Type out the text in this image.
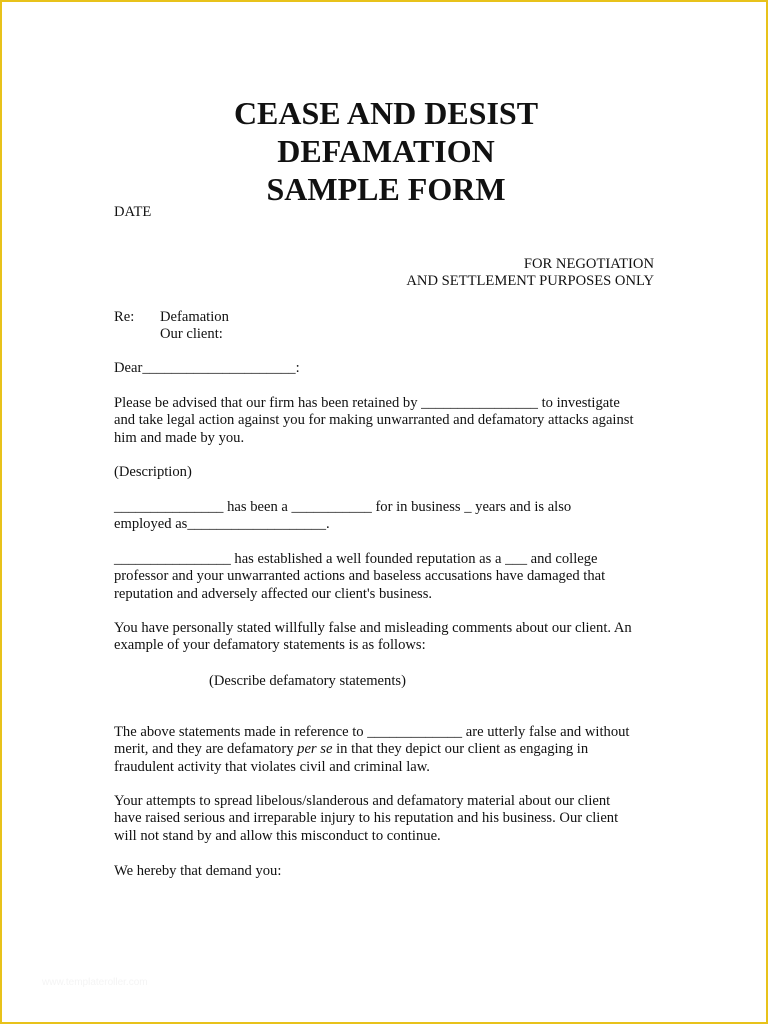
CEASE AND DESIST
DEFAMATION
SAMPLE FORM
DATE
FOR NEGOTIATION
AND SETTLEMENT PURPOSES ONLY
Re: Defamation
Our client:
Dear_____________________:
Please be advised that our firm has been retained by ________________ to investigate
and take legal action against you for making unwarranted and defamatory attacks against
him and made by you.
(Description)
_______________ has been a ___________ for in business _ years and is also
employed as___________________.
________________ has established a well founded reputation as a ___ and college
professor and your unwarranted actions and baseless accusations have damaged that
reputation and adversely affected our client's business.
You have personally stated willfully false and misleading comments about our client. An
example of your defamatory statements is as follows:
(Describe defamatory statements)
The above statements made in reference to _____________ are utterly false and without
merit, and they are defamatory per se in that they depict our client as engaging in
fraudulent activity that violates civil and criminal law.
Your attempts to spread libelous/slanderous and defamatory material about our client
have raised serious and irreparable injury to his reputation and his business. Our client
will not stand by and allow this misconduct to continue.
We hereby that demand you:
www.templateroller.com
